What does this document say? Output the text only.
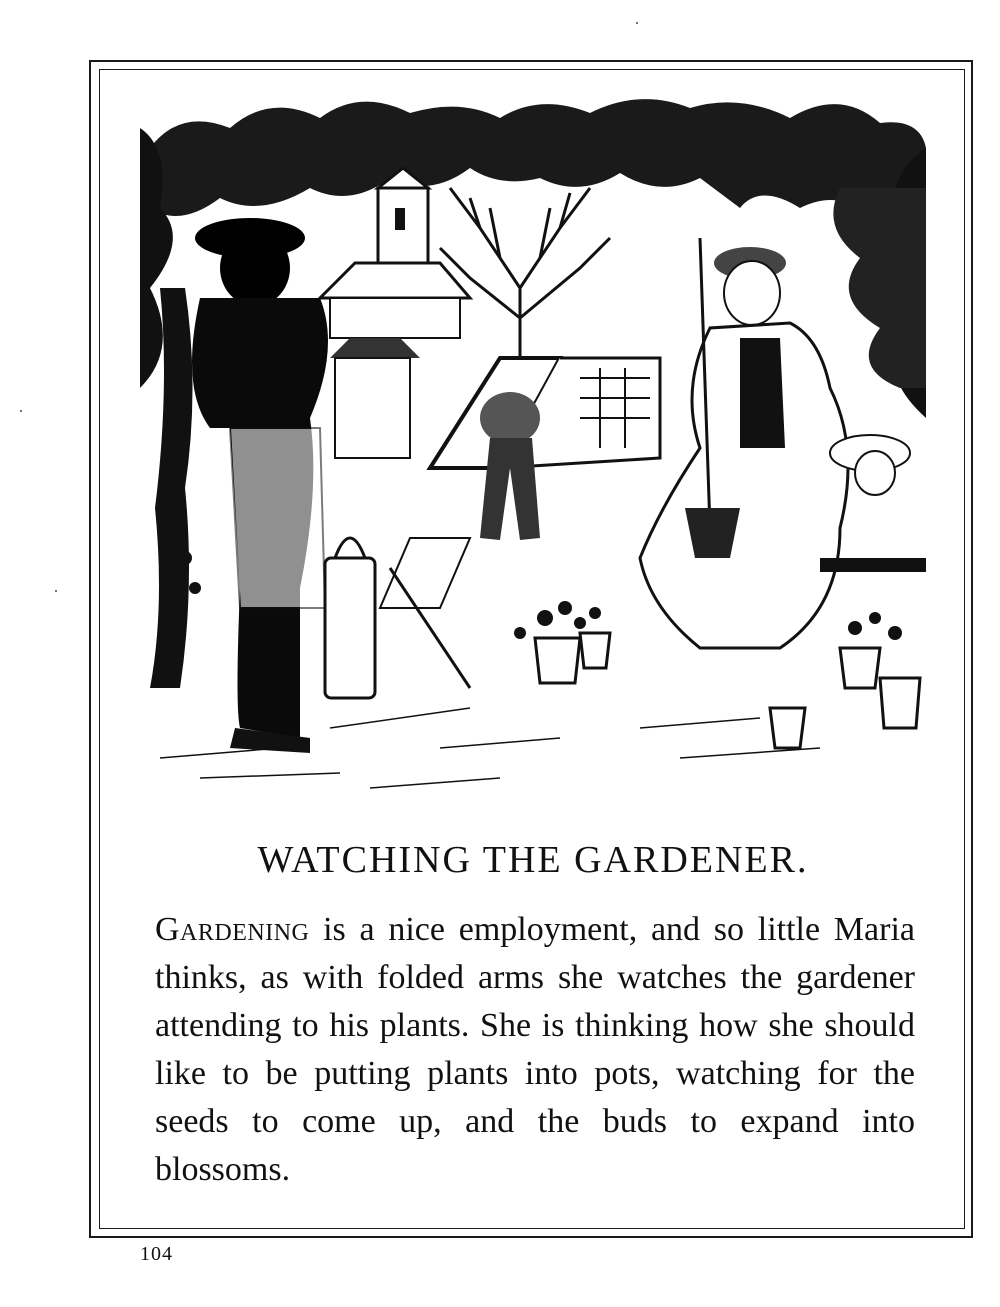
WATCHING THE GARDENER.

Gardening is a nice employment, and so little Maria thinks, as with folded arms she watches the gardener attending to his plants. She is thinking how she should like to be putting plants into pots, watching for the seeds to come up, and the buds to expand into blossoms.

104
